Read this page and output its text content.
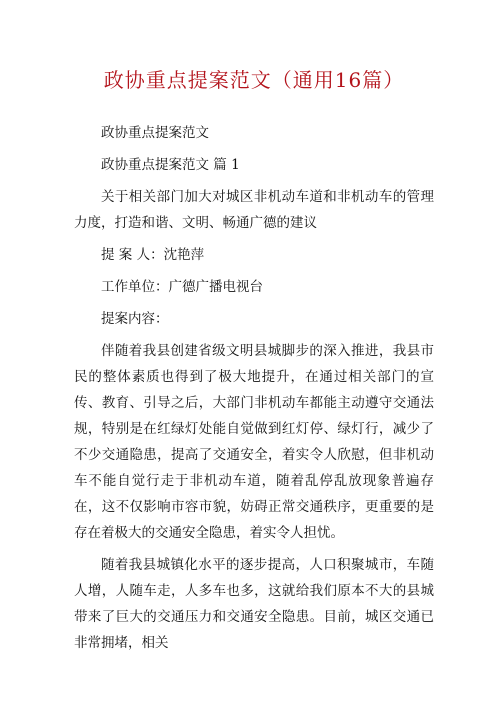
政协重点提案范文（通用16篇）

政协重点提案范文

政协重点提案范文 篇 1

关于相关部门加大对城区非机动车道和非机动车的管理力度，打造和谐、文明、畅通广德的建议

提 案 人：沈艳萍

工作单位：广德广播电视台

提案内容：

伴随着我县创建省级文明县城脚步的深入推进，我县市民的整体素质也得到了极大地提升，在通过相关部门的宣传、教育、引导之后，大部门非机动车都能主动遵守交通法规，特别是在红绿灯处能自觉做到红灯停、绿灯行，减少了不少交通隐患，提高了交通安全，着实令人欣慰，但非机动车不能自觉行走于非机动车道，随着乱停乱放现象普遍存在，这不仅影响市容市貌，妨碍正常交通秩序，更重要的是存在着极大的交通安全隐患，着实令人担忧。

随着我县城镇化水平的逐步提高，人口积聚城市，车随人增，人随车走，人多车也多，这就给我们原本不大的县城带来了巨大的交通压力和交通安全隐患。目前，城区交通已非常拥堵，相关
